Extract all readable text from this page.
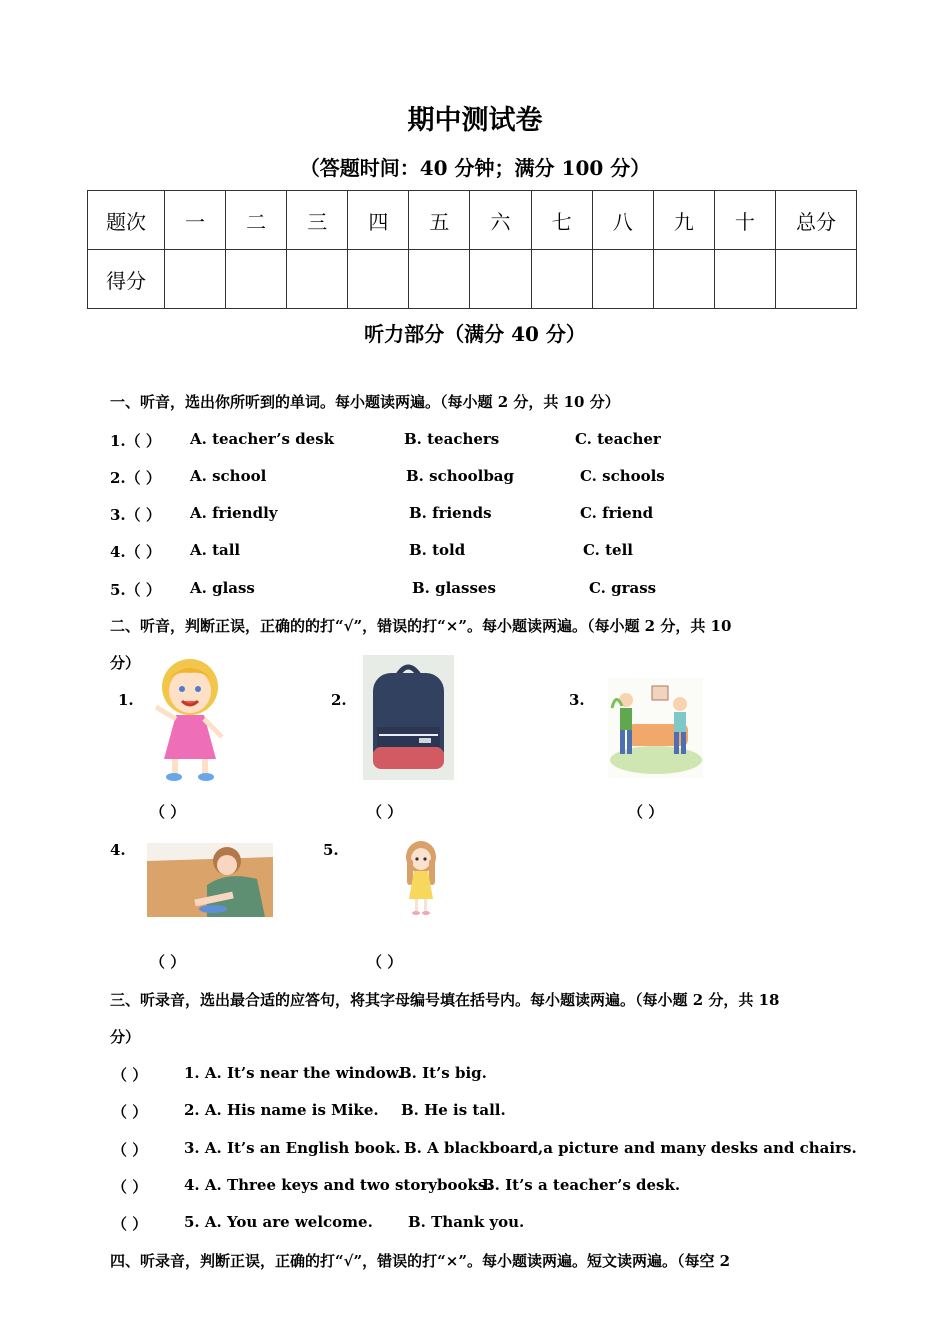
期中测试卷
（答题时间：40 分钟；满分 100 分）
题次	一	二	三	四	五	六	七	八	九	十	总分
得分											
听力部分（满分 40 分）
一、听音，选出你所听到的单词。每小题读两遍。（每小题 2 分，共 10 分）
1.（ ） A. teacher’s desk	B. teachers	C. teacher
2.（ ） A. school	B. schoolbag	C. schools
3.（ ） A. friendly	B. friends	C. friend
4.（ ） A. tall	B. told	C. tell
5.（ ） A. glass	B. glasses	C. grass
二、听音，判断正误，正确的的打“√”，错误的打“×”。每小题读两遍。（每小题 2 分，共 10
分）
1.	2.	3.
4.	5.
（ ）	（ ）	（ ）
（ ）	（ ）
三、听录音，选出最合适的应答句，将其字母编号填在括号内。每小题读两遍。（每小题 2 分，共 18
分）
（ ） 1. A. It’s near the window.
B. It’s big.
（ ） 2. A. His name is Mike. B. He is tall.
（ ） 3. A. It’s an English book. B. A blackboard,a picture and many desks and chairs.
（ ） 4. A. Three keys and two storybooks.
B. It’s a teacher’s desk.
（ ） 5. A. You are welcome. B. Thank you.
四、听录音，判断正误，正确的打“√”，错误的打“×”。每小题读两遍。短文读两遍。（每空 2
